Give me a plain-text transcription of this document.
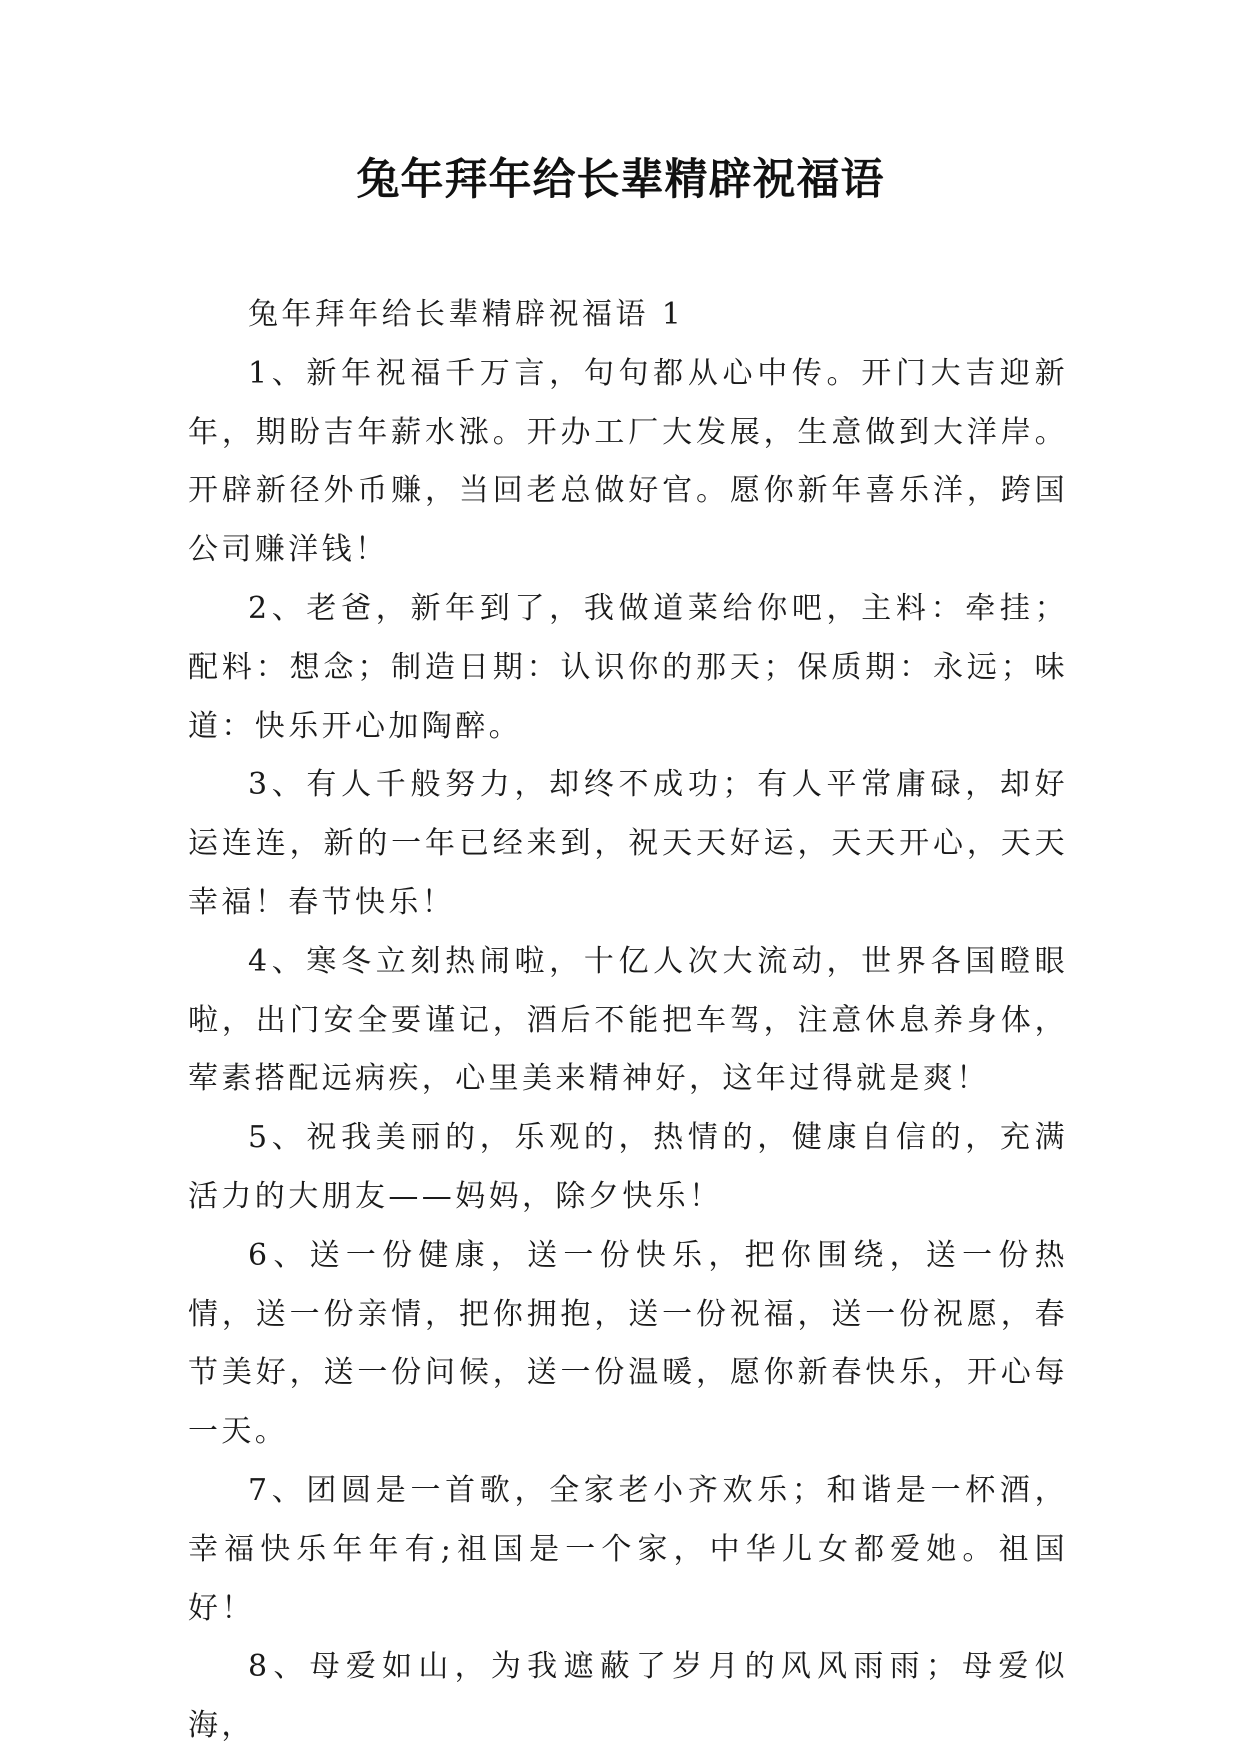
兔年拜年给长辈精辟祝福语
兔年拜年给长辈精辟祝福语 1

1、新年祝福千万言，句句都从心中传。开门大吉迎新年，期盼吉年薪水涨。开办工厂大发展，生意做到大洋岸。开辟新径外币赚，当回老总做好官。愿你新年喜乐洋，跨国公司赚洋钱！

2、老爸，新年到了，我做道菜给你吧，主料：牵挂；配料：想念；制造日期：认识你的那天；保质期：永远；味道：快乐开心加陶醉。

3、有人千般努力，却终不成功；有人平常庸碌，却好运连连，新的一年已经来到，祝天天好运，天天开心，天天幸福！春节快乐！

4、寒冬立刻热闹啦，十亿人次大流动，世界各国瞪眼啦，出门安全要谨记，酒后不能把车驾，注意休息养身体，荤素搭配远病疾，心里美来精神好，这年过得就是爽！

5、祝我美丽的，乐观的，热情的，健康自信的，充满活力的大朋友——妈妈，除夕快乐！

6、送一份健康，送一份快乐，把你围绕，送一份热情，送一份亲情，把你拥抱，送一份祝福，送一份祝愿，春节美好，送一份问候，送一份温暖，愿你新春快乐，开心每一天。

7、团圆是一首歌，全家老小齐欢乐；和谐是一杯酒，幸福快乐年年有;祖国是一个家，中华儿女都爱她。祖国好！

8、母爱如山，为我遮蔽了岁月的风风雨雨；母爱似海，
